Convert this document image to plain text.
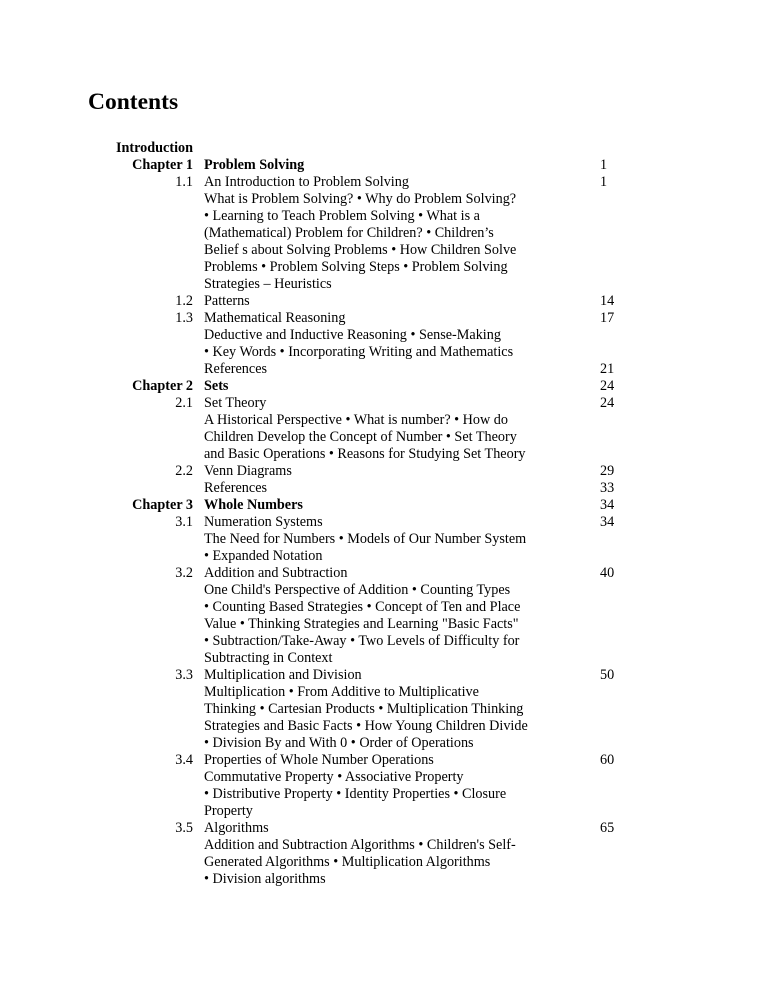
Contents
Introduction
Chapter 1 Problem Solving	1
1.1 An Introduction to Problem Solving	1
What is Problem Solving? • Why do Problem Solving?
• Learning to Teach Problem Solving • What is a
(Mathematical) Problem for Children? • Children’s
Belief s about Solving Problems • How Children Solve
Problems • Problem Solving Steps • Problem Solving
Strategies – Heuristics
1.2 Patterns	14
1.3 Mathematical Reasoning	17
Deductive and Inductive Reasoning • Sense-Making
• Key Words • Incorporating Writing and Mathematics
References	21
Chapter 2 Sets	24
2.1 Set Theory	24
A Historical Perspective • What is number? • How do
Children Develop the Concept of Number • Set Theory
and Basic Operations • Reasons for Studying Set Theory
2.2 Venn Diagrams	29
References	33
Chapter 3 Whole Numbers	34
3.1 Numeration Systems	34
The Need for Numbers • Models of Our Number System
• Expanded Notation
3.2 Addition and Subtraction	40
One Child's Perspective of Addition • Counting Types
• Counting Based Strategies • Concept of Ten and Place
Value • Thinking Strategies and Learning "Basic Facts"
• Subtraction/Take-Away • Two Levels of Difficulty for
Subtracting in Context
3.3 Multiplication and Division	50
Multiplication • From Additive to Multiplicative
Thinking • Cartesian Products • Multiplication Thinking
Strategies and Basic Facts • How Young Children Divide
• Division By and With 0 • Order of Operations
3.4 Properties of Whole Number Operations	60
Commutative Property • Associative Property
• Distributive Property • Identity Properties • Closure
Property
3.5 Algorithms	65
Addition and Subtraction Algorithms • Children's Self-
Generated Algorithms • Multiplication Algorithms
• Division algorithms
